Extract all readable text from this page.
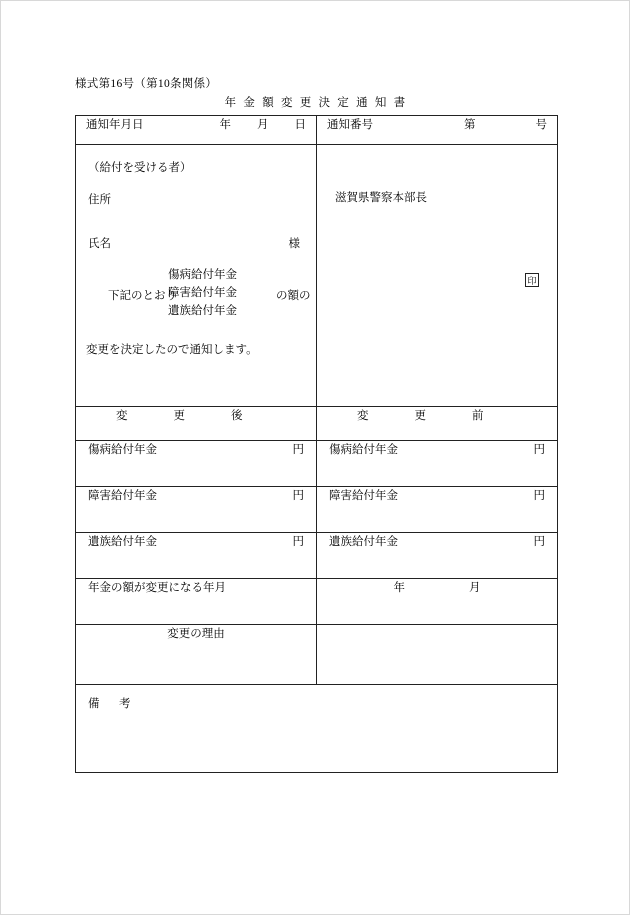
様式第16号（第10条関係）
年 金 額 変 更 決 定 通 知 書
通知年月日 年 月 日	通知番号 第 号

（給付を受ける者）
住所
氏名	様
下記のとおり
傷病給付年金
障害給付年金
遺族給付年金
の額の
変更を決定したので通知します。

滋賀県警察本部長
印

変　　　　更　　　　後	変　　　　更　　　　前

傷病給付年金 円	傷病給付年金 円

障害給付年金 円	障害給付年金 円

遺族給付年金 円	遺族給付年金 円

年金の額が変更になる年月	年 月

変更の理由	

備　考	
